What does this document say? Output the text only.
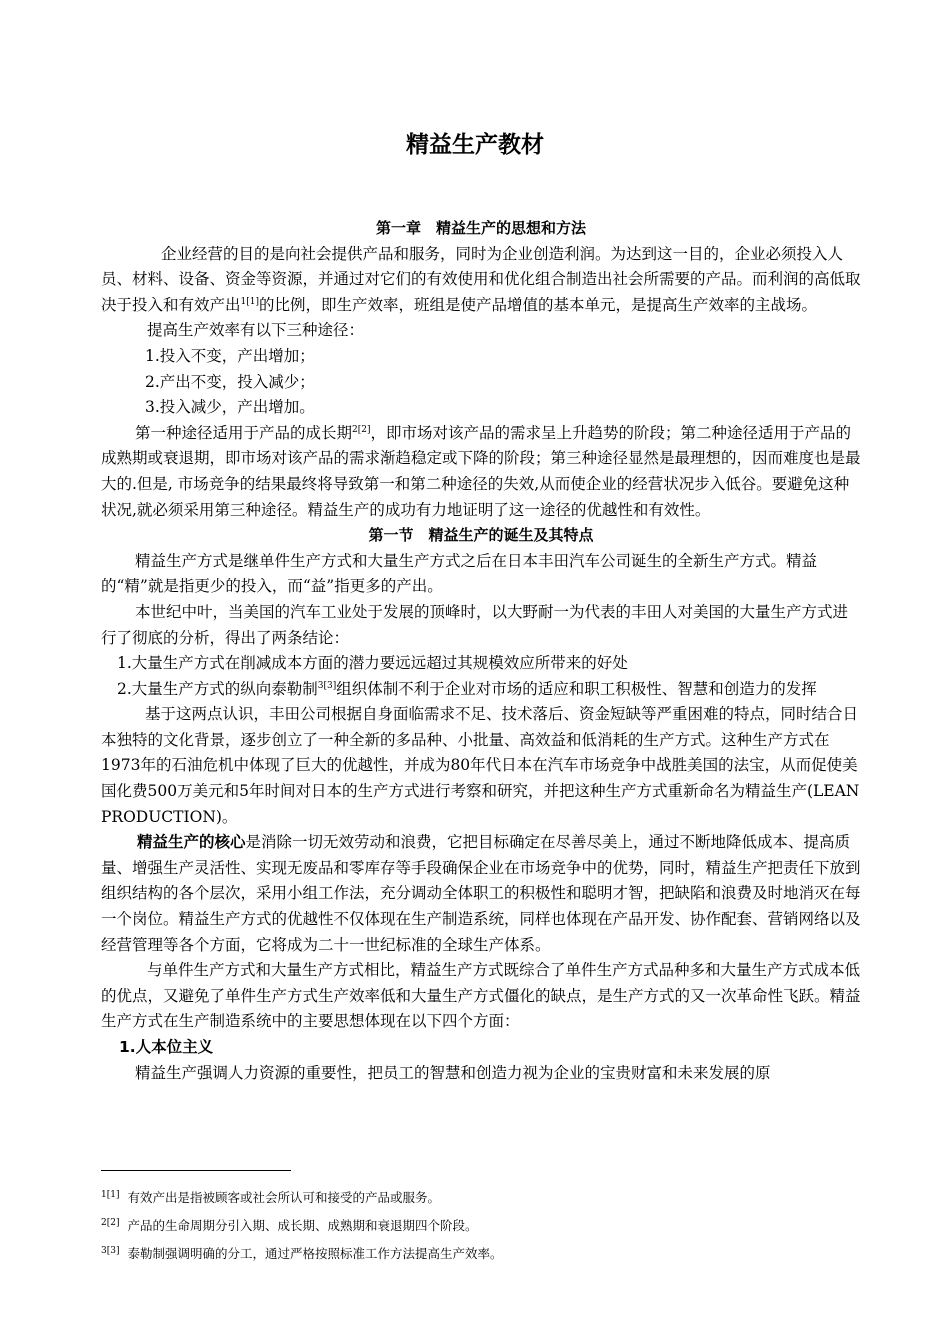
精益生产教材

第一章　精益生产的思想和方法

企业经营的目的是向社会提供产品和服务，同时为企业创造利润。为达到这一目的，企业必须投入人员、材料、设备、资金等资源，并通过对它们的有效使用和优化组合制造出社会所需要的产品。而利润的高低取决于投入和有效产出$^{1[1]}$的比例，即生产效率，班组是使产品增值的基本单元，是提高生产效率的主战场。

提高生产效率有以下三种途径：

1.投入不变，产出增加；

2.产出不变，投入减少；

3.投入减少，产出增加。

第一种途径适用于产品的成长期$^{2[2]}$，即市场对该产品的需求呈上升趋势的阶段；第二种途径适用于产品的成熟期或衰退期，即市场对该产品的需求渐趋稳定或下降的阶段；第三种途径显然是最理想的，因而难度也是最大的.但是, 市场竞争的结果最终将导致第一和第二种途径的失效,从而使企业的经营状况步入低谷。要避免这种状况,就必须采用第三种途径。精益生产的成功有力地证明了这一途径的优越性和有效性。

第一节　精益生产的诞生及其特点

精益生产方式是继单件生产方式和大量生产方式之后在日本丰田汽车公司诞生的全新生产方式。精益的“精”就是指更少的投入，而“益”指更多的产出。

本世纪中叶，当美国的汽车工业处于发展的顶峰时，以大野耐一为代表的丰田人对美国的大量生产方式进行了彻底的分析，得出了两条结论：

1.大量生产方式在削减成本方面的潜力要远远超过其规模效应所带来的好处

2.大量生产方式的纵向泰勒制$^{3[3]}$组织体制不利于企业对市场的适应和职工积极性、智慧和创造力的发挥

基于这两点认识，丰田公司根据自身面临需求不足、技术落后、资金短缺等严重困难的特点，同时结合日本独特的文化背景，逐步创立了一种全新的多品种、小批量、高效益和低消耗的生产方式。这种生产方式在1973年的石油危机中体现了巨大的优越性，并成为80年代日本在汽车市场竞争中战胜美国的法宝，从而促使美国化费500万美元和5年时间对日本的生产方式进行考察和研究，并把这种生产方式重新命名为精益生产(LEAN PRODUCTION)。

精益生产的核心是消除一切无效劳动和浪费，它把目标确定在尽善尽美上，通过不断地降低成本、提高质量、增强生产灵活性、实现无废品和零库存等手段确保企业在市场竞争中的优势，同时，精益生产把责任下放到组织结构的各个层次，采用小组工作法，充分调动全体职工的积极性和聪明才智，把缺陷和浪费及时地消灭在每一个岗位。精益生产方式的优越性不仅体现在生产制造系统，同样也体现在产品开发、协作配套、营销网络以及经营管理等各个方面，它将成为二十一世纪标准的全球生产体系。

与单件生产方式和大量生产方式相比，精益生产方式既综合了单件生产方式品种多和大量生产方式成本低的优点，又避免了单件生产方式生产效率低和大量生产方式僵化的缺点，是生产方式的又一次革命性飞跃。精益生产方式在生产制造系统中的主要思想体现在以下四个方面：

1.人本位主义

精益生产强调人力资源的重要性，把员工的智慧和创造力视为企业的宝贵财富和未来发展的原

$^{1[1]}$ 有效产出是指被顾客或社会所认可和接受的产品或服务。

$^{2[2]}$ 产品的生命周期分引入期、成长期、成熟期和衰退期四个阶段。

$^{3[3]}$ 泰勒制强调明确的分工，通过严格按照标准工作方法提高生产效率。
